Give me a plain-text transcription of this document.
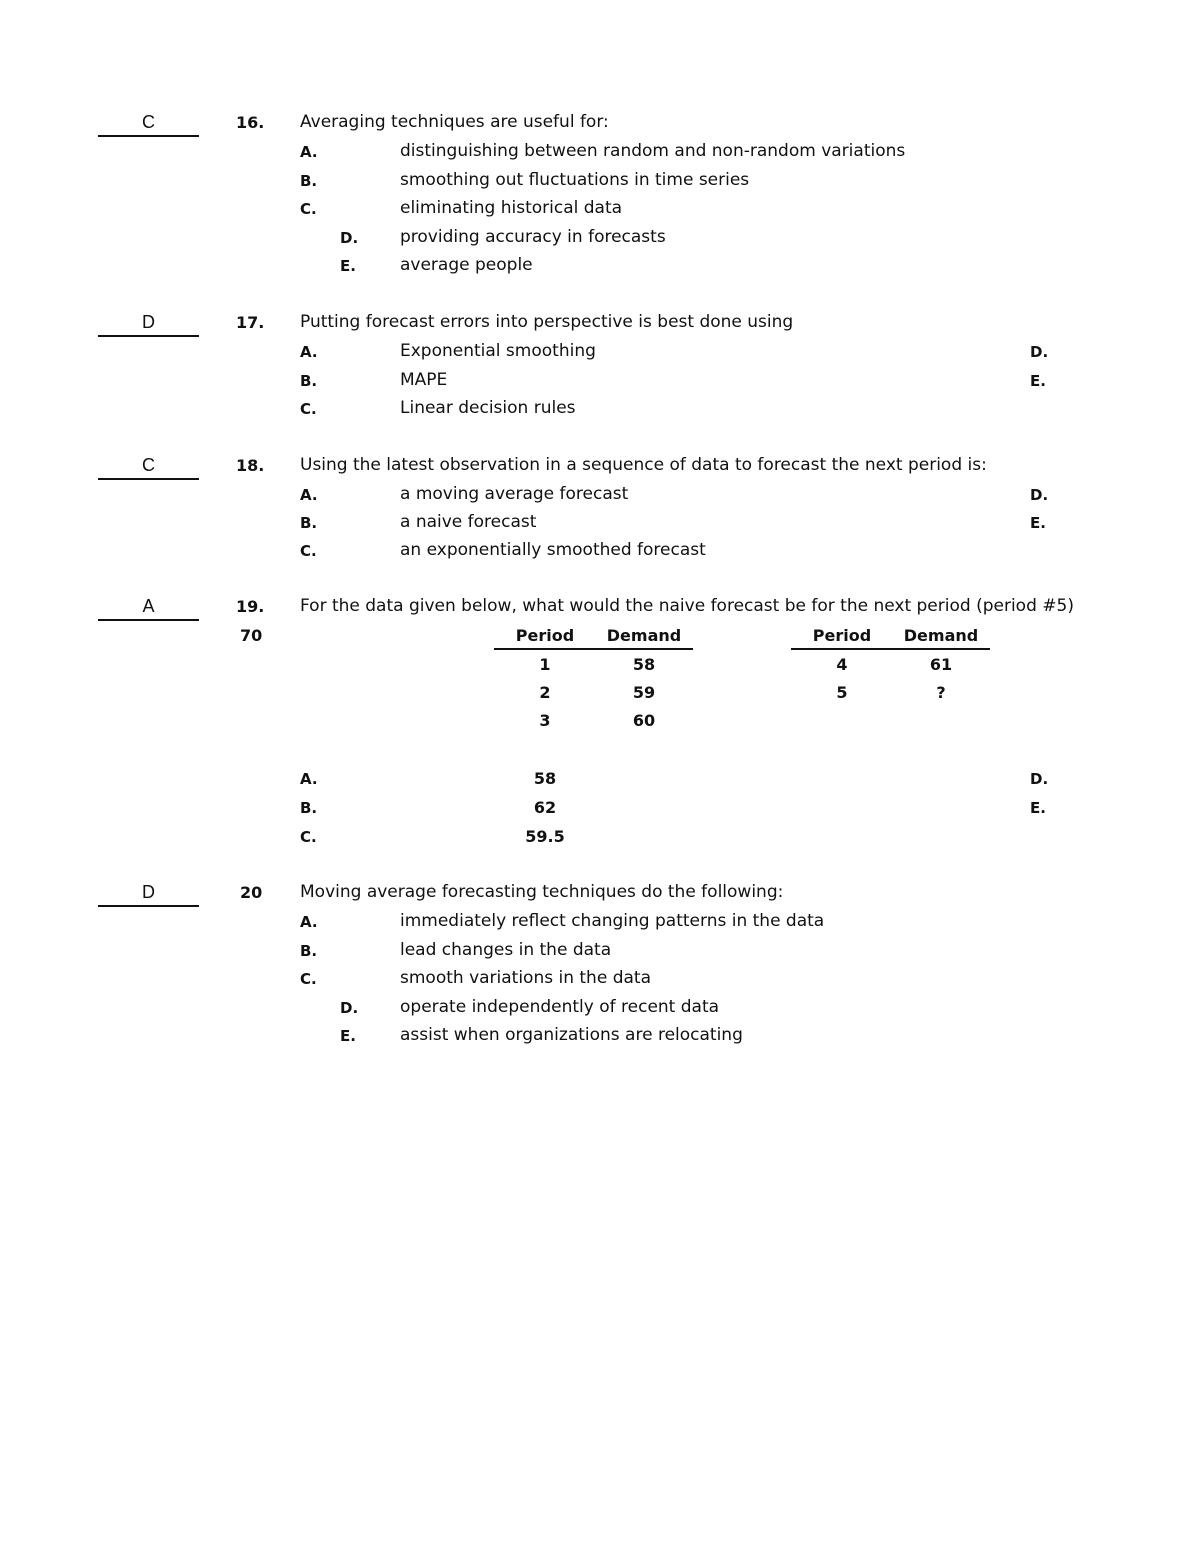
C	16. Averaging techniques are useful for:
A.	distinguishing between random and non-random variations
B.	smoothing out fluctuations in time series
C.	eliminating historical data
D. providing accuracy in forecasts
E.	average people
D	17. Putting forecast errors into perspective is best done using
A.	Exponential smoothing	D.
B.	MAPE	E.
C.	Linear decision rules
C	18. Using the latest observation in a sequence of data to forecast the next period is:
A.	a moving average forecast	D.
B.	a naive forecast	E.
C.	an exponentially smoothed forecast
A	19.
70
For the data given below, what would the naive forecast be for the next period (period #5)
Period	Demand
1	58
2	59
3	60
Period	Demand
4	61
5	?
A.	58	D.
B.	62	E.
C.	59.5
D	20 Moving average forecasting techniques do the following:
A.	immediately reflect changing patterns in the data
B.	lead changes in the data
C.	smooth variations in the data
D. operate independently of recent data
E.	assist when organizations are relocating
